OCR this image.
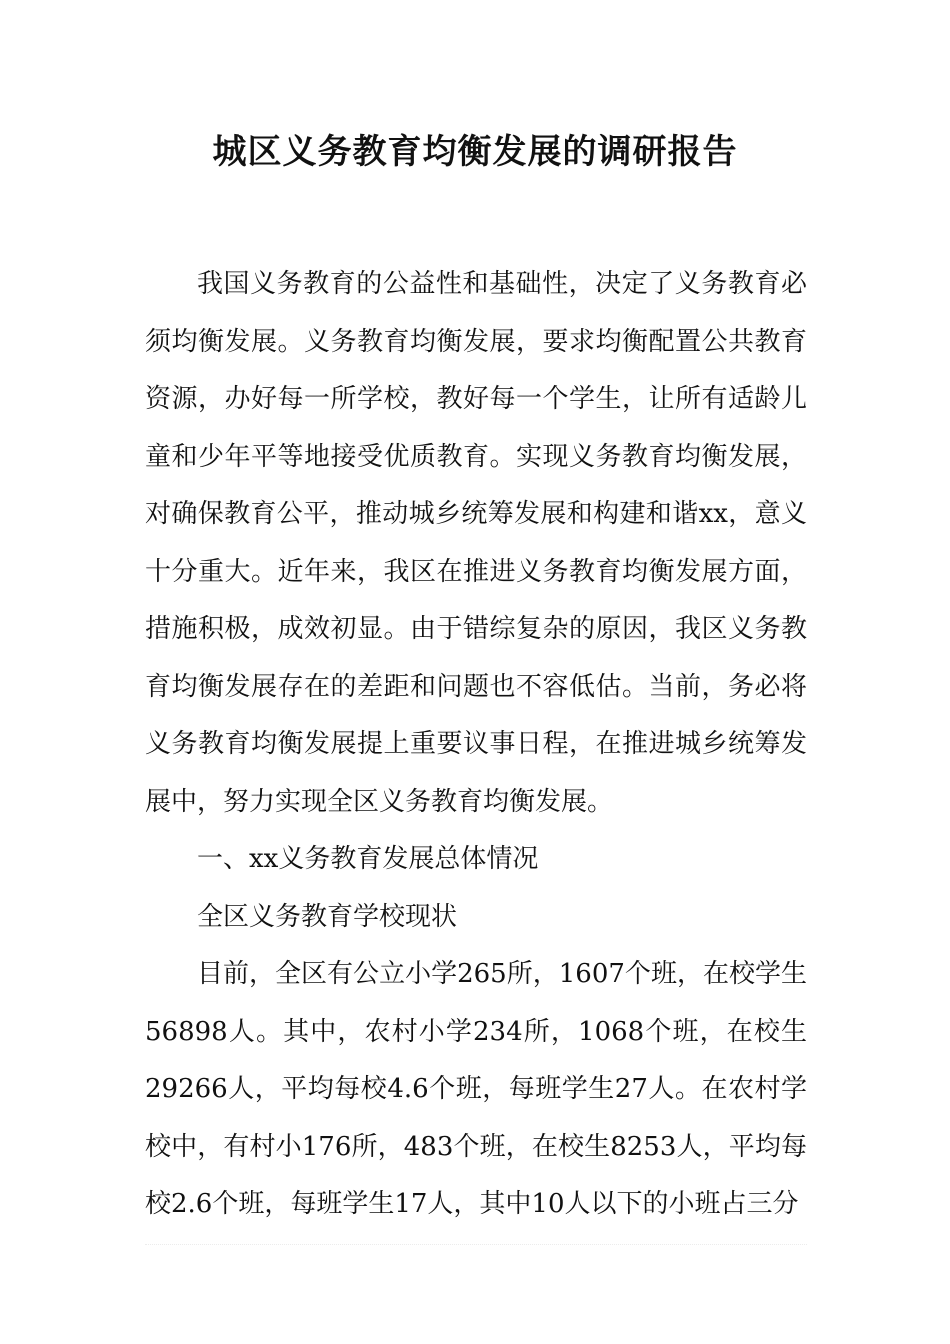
城区义务教育均衡发展的调研报告

我国义务教育的公益性和基础性，决定了义务教育必须均衡发展。义务教育均衡发展，要求均衡配置公共教育资源，办好每一所学校，教好每一个学生，让所有适龄儿童和少年平等地接受优质教育。实现义务教育均衡发展，对确保教育公平，推动城乡统筹发展和构建和谐xx，意义十分重大。近年来，我区在推进义务教育均衡发展方面，措施积极，成效初显。由于错综复杂的原因，我区义务教育均衡发展存在的差距和问题也不容低估。当前，务必将义务教育均衡发展提上重要议事日程，在推进城乡统筹发展中，努力实现全区义务教育均衡发展。

一、xx义务教育发展总体情况

全区义务教育学校现状

目前，全区有公立小学265所，1607个班，在校学生56898人。其中，农村小学234所，1068个班，在校生29266人，平均每校4.6个班，每班学生27人。在农村学校中，有村小176所，483个班，在校生8253人，平均每校2.6个班，每班学生17人，其中10人以下的小班占三分
